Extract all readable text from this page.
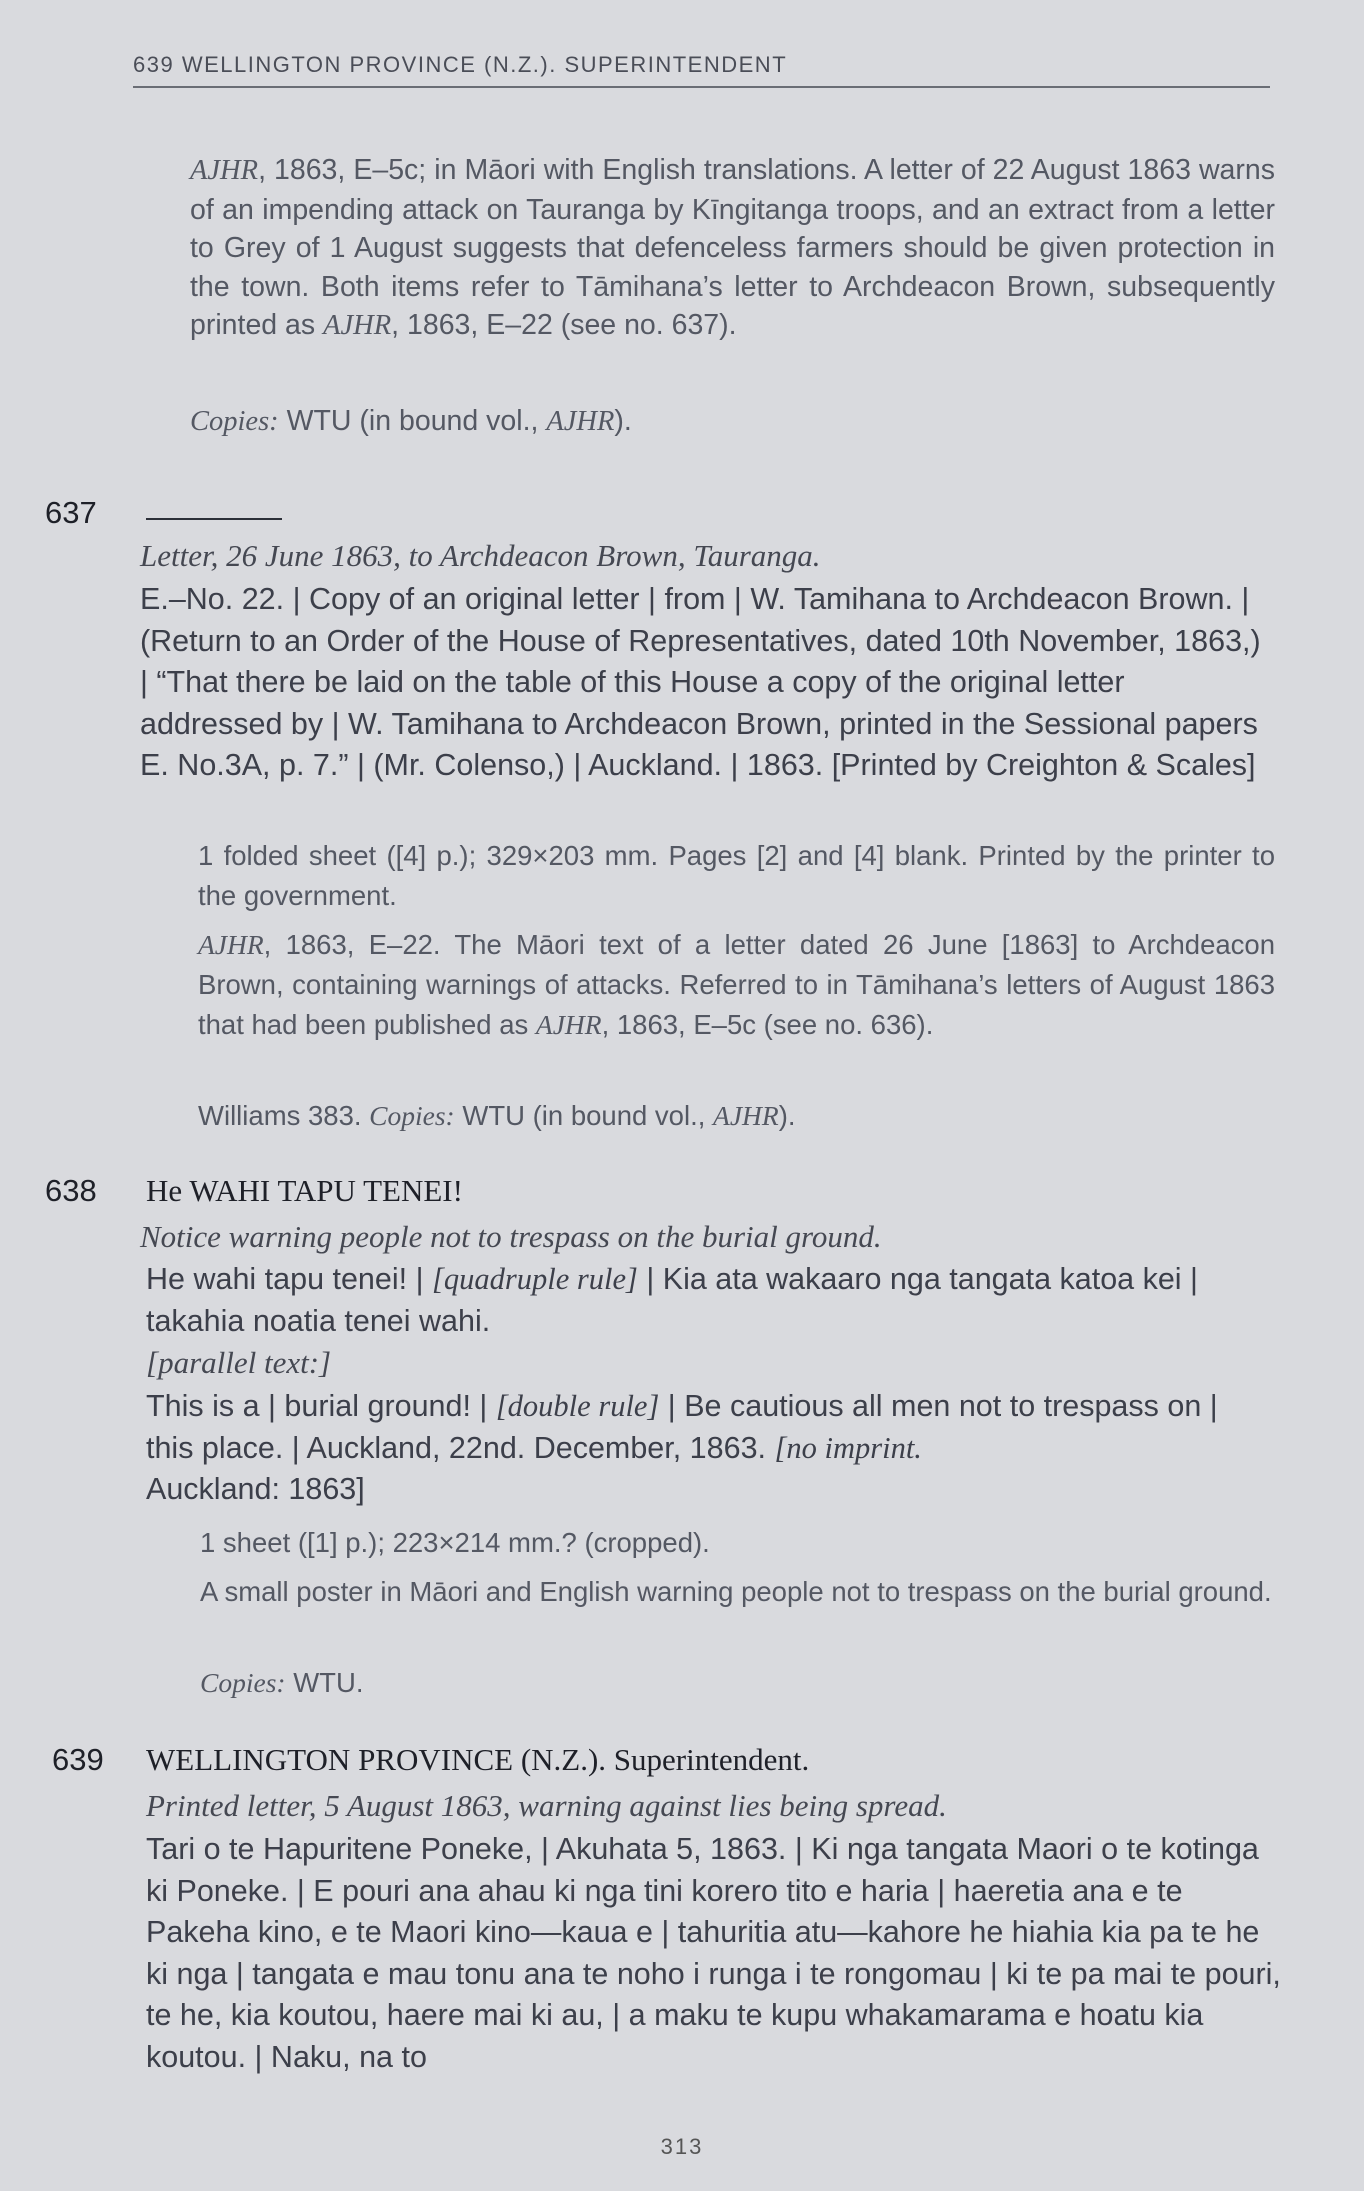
639 WELLINGTON PROVINCE (N.Z.). SUPERINTENDENT
AJHR, 1863, E–5c; in Māori with English translations. A letter of 22 August 1863 warns of an impending attack on Tauranga by Kīngitanga troops, and an extract from a letter to Grey of 1 August suggests that defenceless farmers should be given protection in the town. Both items refer to Tāmihana’s letter to Archdeacon Brown, subsequently printed as AJHR, 1863, E–22 (see no. 637).
Copies: WTU (in bound vol., AJHR).
637
Letter, 26 June 1863, to Archdeacon Brown, Tauranga.
E.–No. 22. | Copy of an original letter | from | W. Tamihana to Archdeacon Brown. | (Return to an Order of the House of Representatives, dated 10th November, 1863,) | “That there be laid on the table of this House a copy of the original letter addressed by | W. Tamihana to Archdeacon Brown, printed in the Sessional papers E. No.3A, p. 7.” | (Mr. Colenso,) | Auckland. | 1863. [Printed by Creighton & Scales]
1 folded sheet ([4] p.); 329×203 mm. Pages [2] and [4] blank. Printed by the printer to the government.
AJHR, 1863, E–22. The Māori text of a letter dated 26 June [1863] to Archdeacon Brown, containing warnings of attacks. Referred to in Tāmihana’s letters of August 1863 that had been published as AJHR, 1863, E–5c (see no. 636).
Williams 383. Copies: WTU (in bound vol., AJHR).
638 He WAHI TAPU TENEI!
Notice warning people not to trespass on the burial ground.
He wahi tapu tenei! | [quadruple rule] | Kia ata wakaaro nga tangata katoa kei | takahia noatia tenei wahi.
[parallel text:]
This is a | burial ground! | [double rule] | Be cautious all men not to trespass on | this place. | Auckland, 22nd. December, 1863. [no imprint.
Auckland: 1863]
1 sheet ([1] p.); 223×214 mm.? (cropped).
A small poster in Māori and English warning people not to trespass on the burial ground.
Copies: WTU.
639 WELLINGTON PROVINCE (N.Z.). Superintendent.
Printed letter, 5 August 1863, warning against lies being spread.
Tari o te Hapuritene Poneke, | Akuhata 5, 1863. | Ki nga tangata Maori o te kotinga ki Poneke. | E pouri ana ahau ki nga tini korero tito e haria | haeretia ana e te Pakeha kino, e te Maori kino—kaua e | tahuritia atu—kahore he hiahia kia pa te he ki nga | tangata e mau tonu ana te noho i runga i te rongomau | ki te pa mai te pouri, te he, kia koutou, haere mai ki au, | a maku te kupu whakamarama e hoatu kia koutou. | Naku, na to
313
